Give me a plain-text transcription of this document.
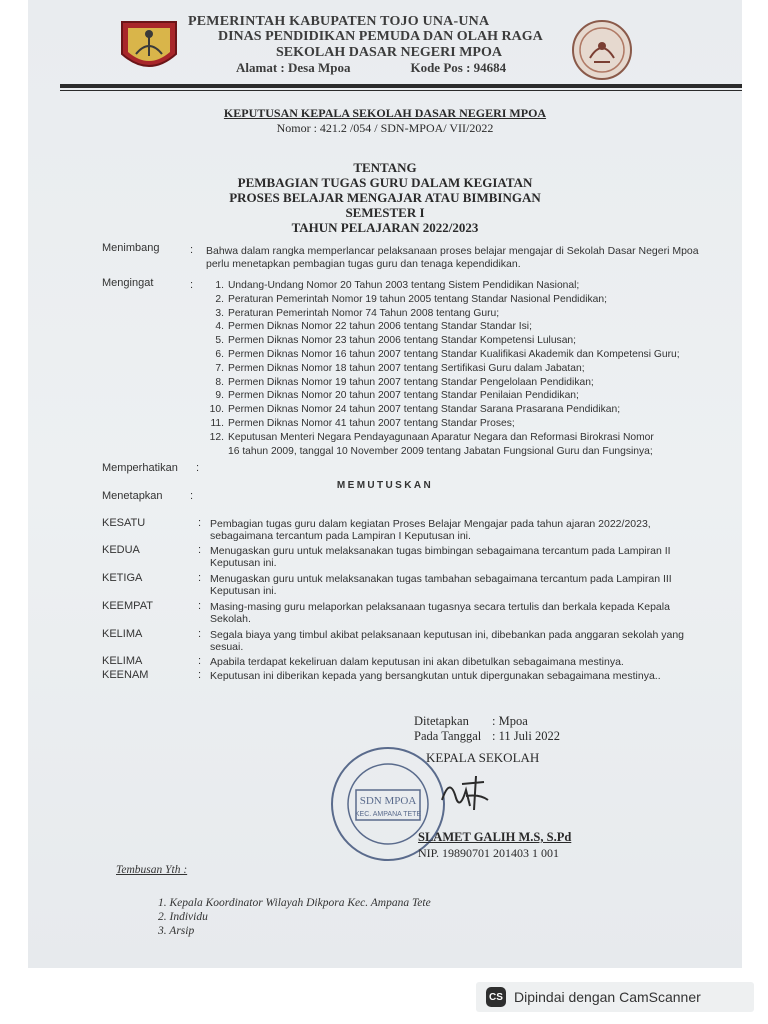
PEMERINTAH KABUPATEN TOJO UNA-UNA
DINAS PENDIDIKAN PEMUDA DAN OLAH RAGA
SEKOLAH DASAR NEGERI MPOA
Alamat : Desa Mpoa	Kode Pos : 94684
KEPUTUSAN KEPALA SEKOLAH DASAR NEGERI MPOA
Nomor : 421.2 /054 / SDN-MPOA/ VII/2022
TENTANG
PEMBAGIAN TUGAS GURU DALAM KEGIATAN
PROSES BELAJAR MENGAJAR ATAU BIMBINGAN
SEMESTER I
TAHUN PELAJARAN 2022/2023
Menimbang	: Bahwa dalam rangka memperlancar pelaksanaan proses belajar mengajar di Sekolah Dasar Negeri Mpoa perlu menetapkan pembagian tugas guru dan tenaga kependidikan.
Mengingat	:	1. Undang-Undang Nomor 20 Tahun 2003 tentang Sistem Pendidikan Nasional;
2. Peraturan Pemerintah Nomor 19 tahun 2005 tentang Standar Nasional Pendidikan;
3. Peraturan Pemerintah Nomor 74 Tahun 2008 tentang Guru;
4. Permen Diknas Nomor 22 tahun 2006 tentang Standar Standar Isi;
5. Permen Diknas Nomor 23 tahun 2006 tentang Standar Kompetensi Lulusan;
6. Permen Diknas Nomor 16 tahun 2007 tentang Standar Kualifikasi Akademik dan Kompetensi Guru;
7. Permen Diknas Nomor 18 tahun 2007 tentang Sertifikasi Guru dalam Jabatan;
8. Permen Diknas Nomor 19 tahun 2007 tentang Standar Pengelolaan Pendidikan;
9. Permen Diknas Nomor 20 tahun 2007 tentang Standar Penilaian Pendidikan;
10. Permen Diknas Nomor 24 tahun 2007 tentang Standar Sarana Prasarana Pendidikan;
11. Permen Diknas Nomor 41 tahun 2007 tentang Standar Proses;
12. Keputusan Menteri Negara Pendayagunaan Aparatur Negara dan Reformasi Birokrasi Nomor
16 tahun 2009, tanggal 10 November 2009 tentang Jabatan Fungsional Guru dan Fungsinya;
Memperhatikan :
Menetapkan :
MEMUTUSKAN
KESATU	: Pembagian tugas guru dalam kegiatan Proses Belajar Mengajar pada tahun ajaran 2022/2023,
sebagaimana tercantum pada Lampiran I Keputusan ini.
KEDUA	: Menugaskan guru untuk melaksanakan tugas bimbingan sebagaimana tercantum pada Lampiran II
Keputusan ini.
KETIGA	: Menugaskan guru untuk melaksanakan tugas tambahan sebagaimana tercantum pada Lampiran III
Keputusan ini.
KEEMPAT	: Masing-masing guru melaporkan pelaksanaan tugasnya secara tertulis dan berkala kepada Kepala
Sekolah.
KELIMA	: Segala biaya yang timbul akibat pelaksanaan keputusan ini, dibebankan pada anggaran sekolah yang
sesuai.
KELIMA	: Apabila terdapat kekeliruan dalam keputusan ini akan dibetulkan sebagaimana mestinya.
KEENAM	: Keputusan ini diberikan kepada yang bersangkutan untuk dipergunakan sebagaimana mestinya..
Ditetapkan : Mpoa
Pada Tanggal : 11 Juli 2022
KEPALA SEKOLAH
SDN MPOA
KEC. AMPANA TETE
SLAMET GALIH M.S, S.Pd
NIP. 19890701 201403 1 001
Tembusan Yth :
1. Kepala Koordinator Wilayah Dikpora Kec. Ampana Tete
2. Individu
3. Arsip
CS Dipindai dengan CamScanner
